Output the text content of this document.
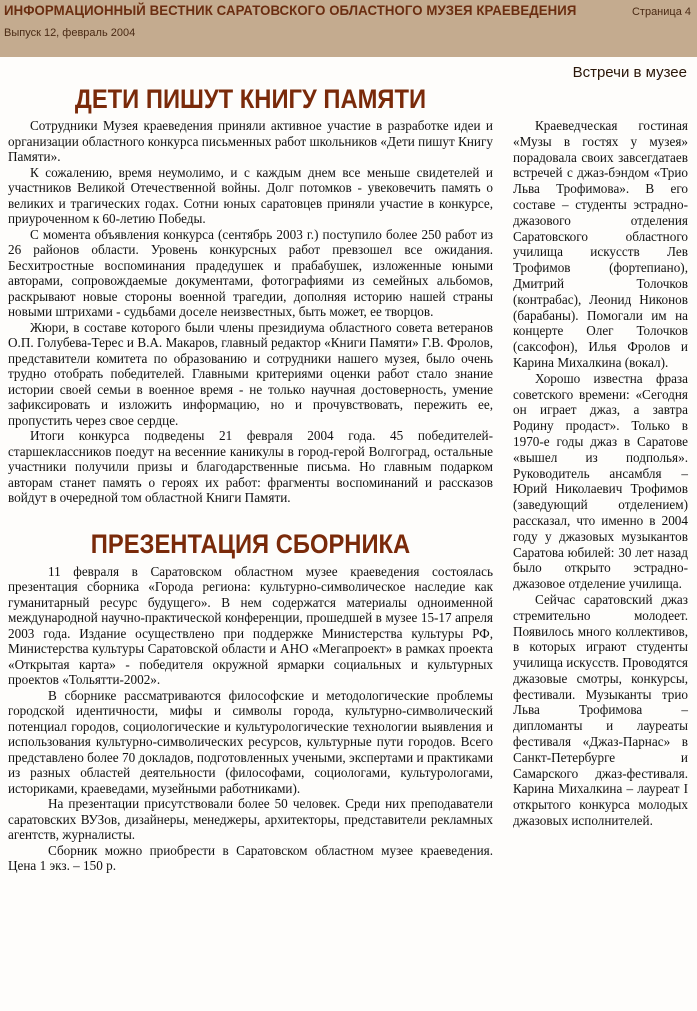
ИНФОРМАЦИОННЫЙ ВЕСТНИК САРАТОВСКОГО ОБЛАСТНОГО МУЗЕЯ КРАЕВЕДЕНИЯ
Выпуск 12, февраль 2004
Страница 4
Встречи в музее
ДЕТИ ПИШУТ КНИГУ ПАМЯТИ

Сотрудники Музея краеведения приняли активное участие в разработке идеи и организации областного конкурса письменных работ школьников «Дети пишут Книгу Памяти».

К сожалению, время неумолимо, и с каждым днем все меньше свидетелей и участников Великой Отечественной войны. Долг потомков - увековечить память о великих и трагических годах. Сотни юных саратовцев приняли участие в конкурсе, приуроченном к 60-летию Победы.

С момента объявления конкурса (сентябрь 2003 г.) поступило более 250 работ из 26 районов области. Уровень конкурсных работ превзошел все ожидания. Бесхитростные воспоминания прадедушек и прабабушек, изложенные юными авторами, сопровождаемые документами, фотографиями из семейных альбомов, раскрывают новые стороны военной трагедии, дополняя историю нашей страны новыми штрихами - судьбами доселе неизвестных, быть может, ее творцов.

Жюри, в составе которого были члены президиума областного совета ветеранов О.П. Голубева-Терес и В.А. Макаров, главный редактор «Книги Памяти» Г.В. Фролов, представители комитета по образованию и сотрудники нашего музея, было очень трудно отобрать победителей. Главными критериями оценки работ стало знание истории своей семьи в военное время - не только научная достоверность, умение зафиксировать и изложить информацию, но и прочувствовать, пережить ее, пропустить через свое сердце.

Итоги конкурса подведены 21 февраля 2004 года. 45 победителей-старшеклассников поедут на весенние каникулы в город-герой Волгоград, остальные участники получили призы и благодарственные письма. Но главным подарком авторам станет память о героях их работ: фрагменты воспоминаний и рассказов войдут в очередной том областной Книги Памяти.

ПРЕЗЕНТАЦИЯ СБОРНИКА

11 февраля в Саратовском областном музее краеведения состоялась презентация сборника «Города региона: культурно-символическое наследие как гуманитарный ресурс будущего». В нем содержатся материалы одноименной международной научно-практической конференции, прошедшей в музее 15-17 апреля 2003 года. Издание осуществлено при поддержке Министерства культуры РФ, Министерства культуры Саратовской области и АНО «Мегапроект» в рамках проекта «Открытая карта» - победителя окружной ярмарки социальных и культурных проектов «Тольятти-2002».

В сборнике рассматриваются философские и методологические проблемы городской идентичности, мифы и символы города, культурно-символический потенциал городов, социологические и культурологические технологии выявления и использования культурно-символических ресурсов, культурные пути городов. Всего представлено более 70 докладов, подготовленных учеными, экспертами и практиками из разных областей деятельности (философами, социологами, культурологами, историками, краеведами, музейными работниками).

На презентации присутствовали более 50 человек. Среди них преподаватели саратовских ВУЗов, дизайнеры, менеджеры, архитекторы, представители рекламных агентств, журналисты.

Сборник можно приобрести в Саратовском областном музее краеведения. Цена 1 экз. – 150 р.

Краеведческая гостиная «Музы в гостях у музея» порадовала своих завсегдатаев встречей с джаз-бэндом «Трио Льва Трофимова». В его составе – студенты эстрадно-джазового отделения Саратовского областного училища искусств Лев Трофимов (фортепиано), Дмитрий Толочков (контрабас), Леонид Никонов (барабаны). Помогали им на концерте Олег Толочков (саксофон), Илья Фролов и Карина Михалкина (вокал).

Хорошо известна фраза советского времени: «Сегодня он играет джаз, а завтра Родину продаст». Только в 1970-е годы джаз в Саратове «вышел из подполья». Руководитель ансамбля – Юрий Николаевич Трофимов (заведующий отделением) рассказал, что именно в 2004 году у джазовых музыкантов Саратова юбилей: 30 лет назад было открыто эстрадно-джазовое отделение училища.

Сейчас саратовский джаз стремительно молодеет. Появилось много коллективов, в которых играют студенты училища искусств. Проводятся джазовые смотры, конкурсы, фестивали. Музыканты трио Льва Трофимова – дипломанты и лауреаты фестиваля «Джаз-Парнас» в Санкт-Петербурге и Самарского джаз-фестиваля. Карина Михалкина – лауреат I открытого конкурса молодых джазовых исполнителей.
